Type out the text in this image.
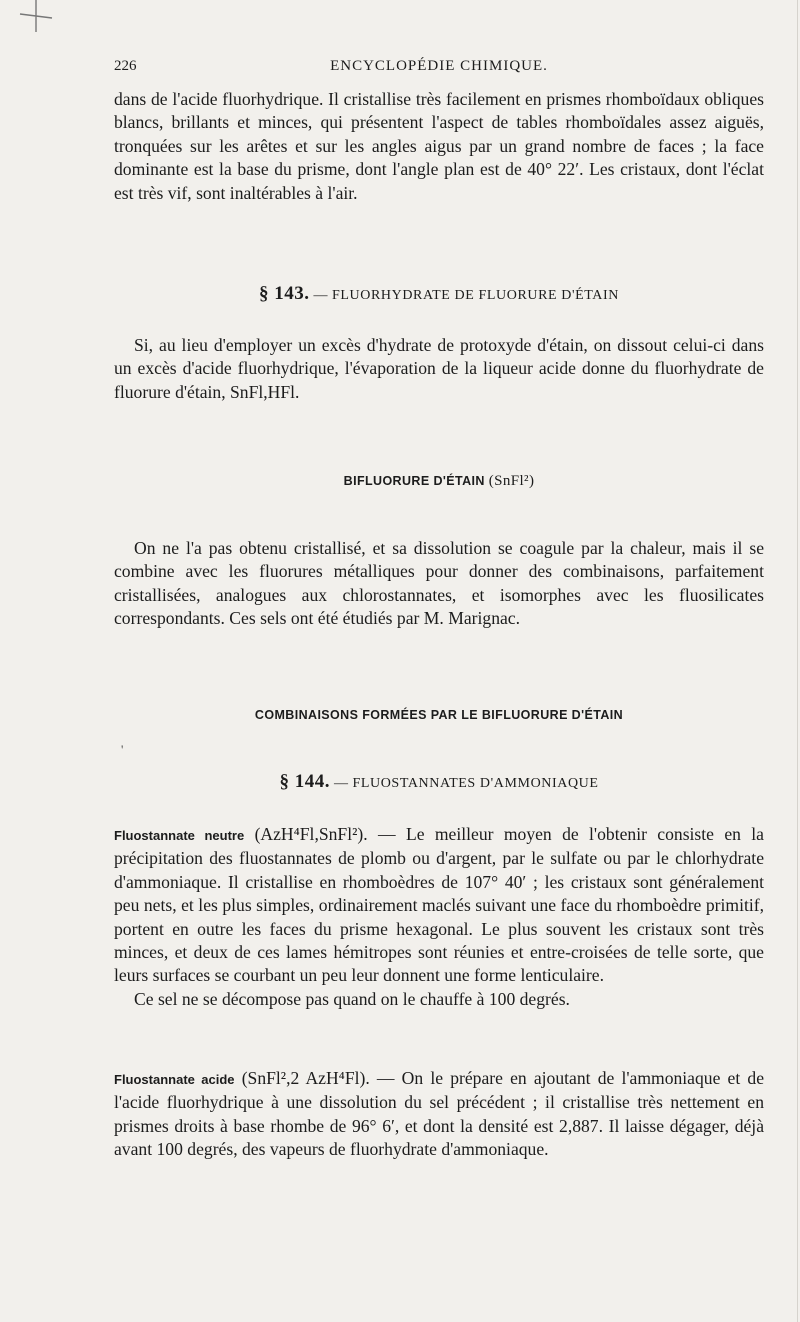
226	ENCYCLOPÉDIE CHIMIQUE.

dans de l'acide fluorhydrique. Il cristallise très facilement en prismes rhomboïdaux obliques blancs, brillants et minces, qui présentent l'aspect de tables rhomboïdales assez aiguës, tronquées sur les arêtes et sur les angles aigus par un grand nombre de faces ; la face dominante est la base du prisme, dont l'angle plan est de 40° 22′. Les cristaux, dont l'éclat est très vif, sont inaltérables à l'air.

§ 143. — FLUORHYDRATE DE FLUORURE D'ÉTAIN

Si, au lieu d'employer un excès d'hydrate de protoxyde d'étain, on dissout celui-ci dans un excès d'acide fluorhydrique, l'évaporation de la liqueur acide donne du fluorhydrate de fluorure d'étain, SnFl,HFl.

BIFLUORURE D'ÉTAIN (SnFl²)

On ne l'a pas obtenu cristallisé, et sa dissolution se coagule par la chaleur, mais il se combine avec les fluorures métalliques pour donner des combinaisons, parfaitement cristallisées, analogues aux chlorostannates, et isomorphes avec les fluosilicates correspondants. Ces sels ont été étudiés par M. Marignac.

COMBINAISONS FORMÉES PAR LE BIFLUORURE D'ÉTAIN
'
§ 144. — FLUOSTANNATES D'AMMONIAQUE

Fluostannate neutre (AzH⁴Fl,SnFl²). — Le meilleur moyen de l'obtenir consiste en la précipitation des fluostannates de plomb ou d'argent, par le sulfate ou par le chlorhydrate d'ammoniaque. Il cristallise en rhomboèdres de 107° 40′ ; les cristaux sont généralement peu nets, et les plus simples, ordinairement maclés suivant une face du rhomboèdre primitif, portent en outre les faces du prisme hexagonal. Le plus souvent les cristaux sont très minces, et deux de ces lames hémitropes sont réunies et entre-croisées de telle sorte, que leurs surfaces se courbant un peu leur donnent une forme lenticulaire.

Ce sel ne se décompose pas quand on le chauffe à 100 degrés.

Fluostannate acide (SnFl²,2 AzH⁴Fl). — On le prépare en ajoutant de l'ammoniaque et de l'acide fluorhydrique à une dissolution du sel précédent ; il cristallise très nettement en prismes droits à base rhombe de 96° 6′, et dont la densité est 2,887. Il laisse dégager, déjà avant 100 degrés, des vapeurs de fluorhydrate d'ammoniaque.
